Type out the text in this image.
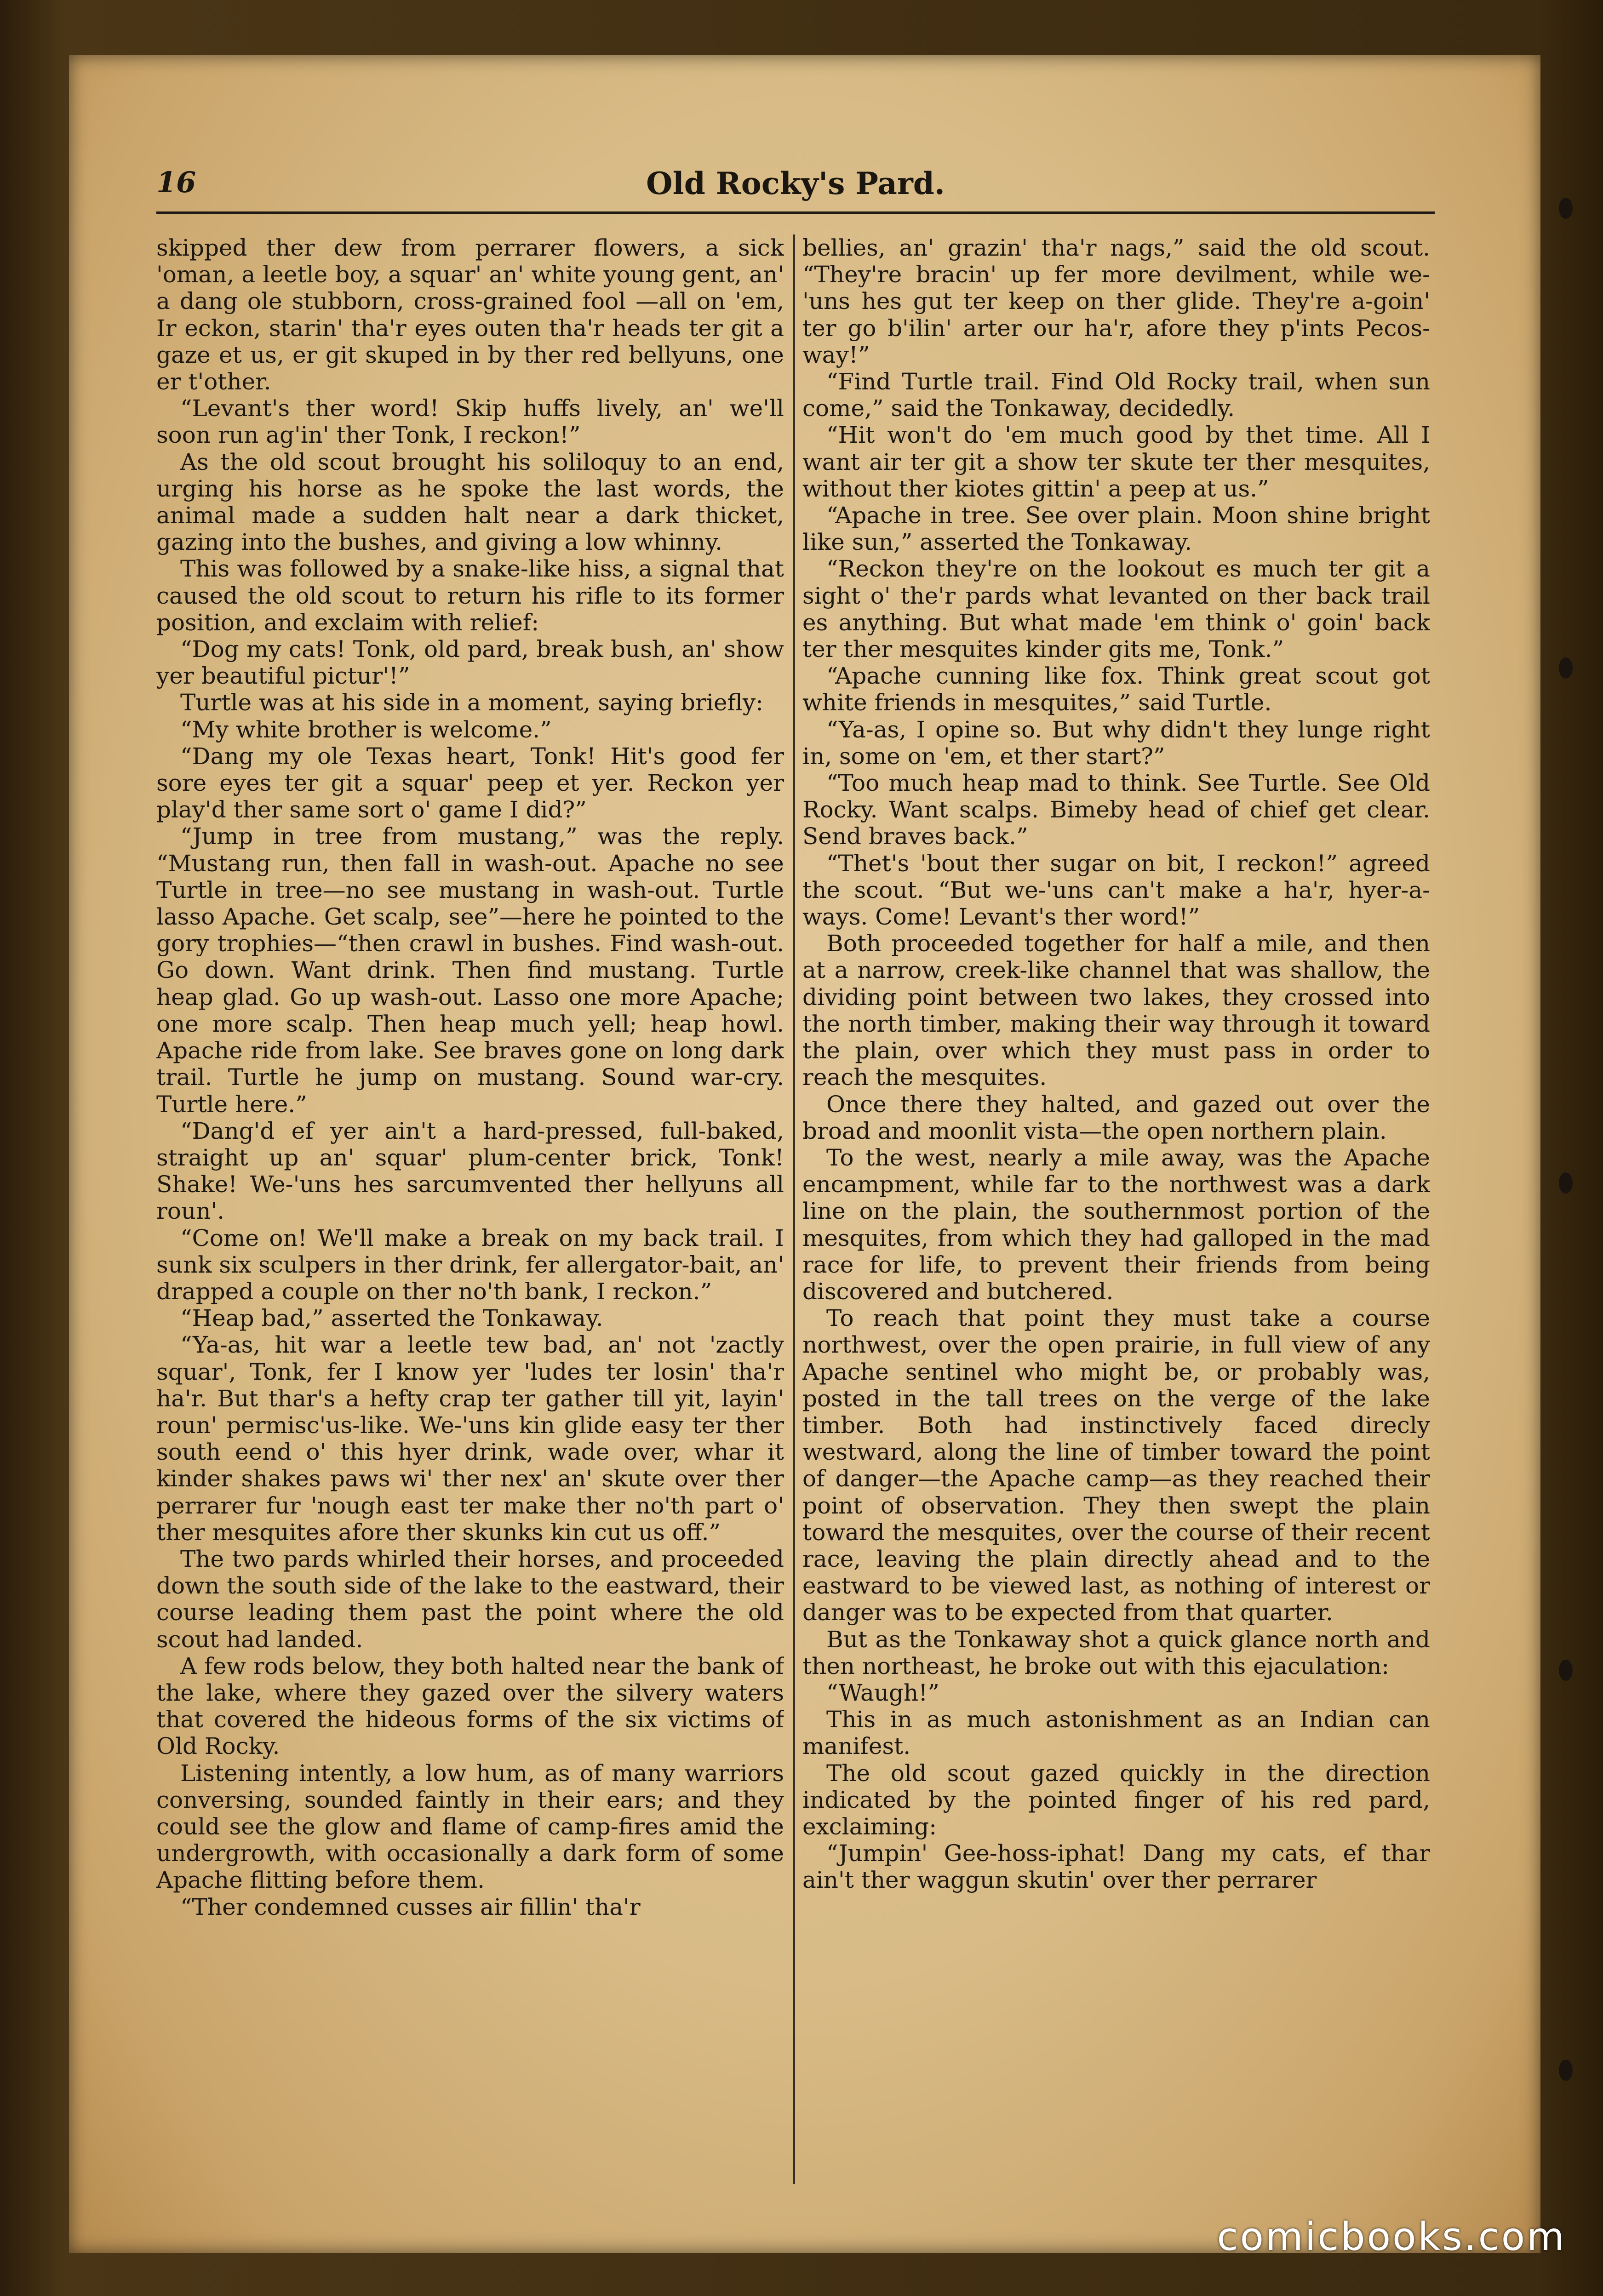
16	Old Rocky's Pard.

skipped ther dew from perrarer flowers, a sick 'oman, a leetle boy, a squar' an' white young gent, an' a dang ole stubborn, cross-grained fool —all on 'em, Ir eckon, starin' tha'r eyes outen tha'r heads ter git a gaze et us, er git skuped in by ther red bellyuns, one er t'other.

“Levant's ther word! Skip huffs lively, an' we'll soon run ag'in' ther Tonk, I reckon!”

As the old scout brought his soliloquy to an end, urging his horse as he spoke the last words, the animal made a sudden halt near a dark thicket, gazing into the bushes, and giving a low whinny.

This was followed by a snake-like hiss, a signal that caused the old scout to return his rifle to its former position, and exclaim with relief:

“Dog my cats! Tonk, old pard, break bush, an' show yer beautiful pictur'!”

Turtle was at his side in a moment, saying briefly:

“My white brother is welcome.”

“Dang my ole Texas heart, Tonk! Hit's good fer sore eyes ter git a squar' peep et yer. Reckon yer play'd ther same sort o' game I did?”

“Jump in tree from mustang,” was the reply. “Mustang run, then fall in wash-out. Apache no see Turtle in tree—no see mustang in wash-out. Turtle lasso Apache. Get scalp, see”—here he pointed to the gory trophies—“then crawl in bushes. Find wash-out. Go down. Want drink. Then find mustang. Turtle heap glad. Go up wash-out. Lasso one more Apache; one more scalp. Then heap much yell; heap howl. Apache ride from lake. See braves gone on long dark trail. Turtle he jump on mustang. Sound war-cry. Turtle here.”

“Dang'd ef yer ain't a hard-pressed, full-baked, straight up an' squar' plum-center brick, Tonk! Shake! We-'uns hes sarcumvented ther hellyuns all roun'.

“Come on! We'll make a break on my back trail. I sunk six sculpers in ther drink, fer allergator-bait, an' drapped a couple on ther no'th bank, I reckon.”

“Heap bad,” asserted the Tonkaway.

“Ya-as, hit war a leetle tew bad, an' not 'zactly squar', Tonk, fer I know yer 'ludes ter losin' tha'r ha'r. But thar's a hefty crap ter gather till yit, layin' roun' permisc'us-like. We-'uns kin glide easy ter ther south eend o' this hyer drink, wade over, whar it kinder shakes paws wi' ther nex' an' skute over ther perrarer fur 'nough east ter make ther no'th part o' ther mesquites afore ther skunks kin cut us off.”

The two pards whirled their horses, and proceeded down the south side of the lake to the eastward, their course leading them past the point where the old scout had landed.

A few rods below, they both halted near the bank of the lake, where they gazed over the silvery waters that covered the hideous forms of the six victims of Old Rocky.

Listening intently, a low hum, as of many warriors conversing, sounded faintly in their ears; and they could see the glow and flame of camp-fires amid the undergrowth, with occasionally a dark form of some Apache flitting before them.

“Ther condemned cusses air fillin' tha'r

bellies, an' grazin' tha'r nags,” said the old scout. “They're bracin' up fer more devilment, while we-'uns hes gut ter keep on ther glide. They're a-goin' ter go b'ilin' arter our ha'r, afore they p'ints Pecos-way!”

“Find Turtle trail. Find Old Rocky trail, when sun come,” said the Tonkaway, decidedly.

“Hit won't do 'em much good by thet time. All I want air ter git a show ter skute ter ther mesquites, without ther kiotes gittin' a peep at us.”

“Apache in tree. See over plain. Moon shine bright like sun,” asserted the Tonkaway.

“Reckon they're on the lookout es much ter git a sight o' the'r pards what levanted on ther back trail es anything. But what made 'em think o' goin' back ter ther mesquites kinder gits me, Tonk.”

“Apache cunning like fox. Think great scout got white friends in mesquites,” said Turtle.

“Ya-as, I opine so. But why didn't they lunge right in, some on 'em, et ther start?”

“Too much heap mad to think. See Turtle. See Old Rocky. Want scalps. Bimeby head of chief get clear. Send braves back.”

“Thet's 'bout ther sugar on bit, I reckon!” agreed the scout. “But we-'uns can't make a ha'r, hyer-a-ways. Come! Levant's ther word!”

Both proceeded together for half a mile, and then at a narrow, creek-like channel that was shallow, the dividing point between two lakes, they crossed into the north timber, making their way through it toward the plain, over which they must pass in order to reach the mesquites.

Once there they halted, and gazed out over the broad and moonlit vista—the open northern plain.

To the west, nearly a mile away, was the Apache encampment, while far to the northwest was a dark line on the plain, the southernmost portion of the mesquites, from which they had galloped in the mad race for life, to prevent their friends from being discovered and butchered.

To reach that point they must take a course northwest, over the open prairie, in full view of any Apache sentinel who might be, or probably was, posted in the tall trees on the verge of the lake timber. Both had instinctively faced direcly westward, along the line of timber toward the point of danger—the Apache camp—as they reached their point of observation. They then swept the plain toward the mesquites, over the course of their recent race, leaving the plain directly ahead and to the eastward to be viewed last, as nothing of interest or danger was to be expected from that quarter.

But as the Tonkaway shot a quick glance north and then northeast, he broke out with this ejaculation:

“Waugh!”

This in as much astonishment as an Indian can manifest.

The old scout gazed quickly in the direction indicated by the pointed finger of his red pard, exclaiming:

“Jumpin' Gee-hoss-iphat! Dang my cats, ef thar ain't ther waggun skutin' over ther perrarer

comicbooks.com
